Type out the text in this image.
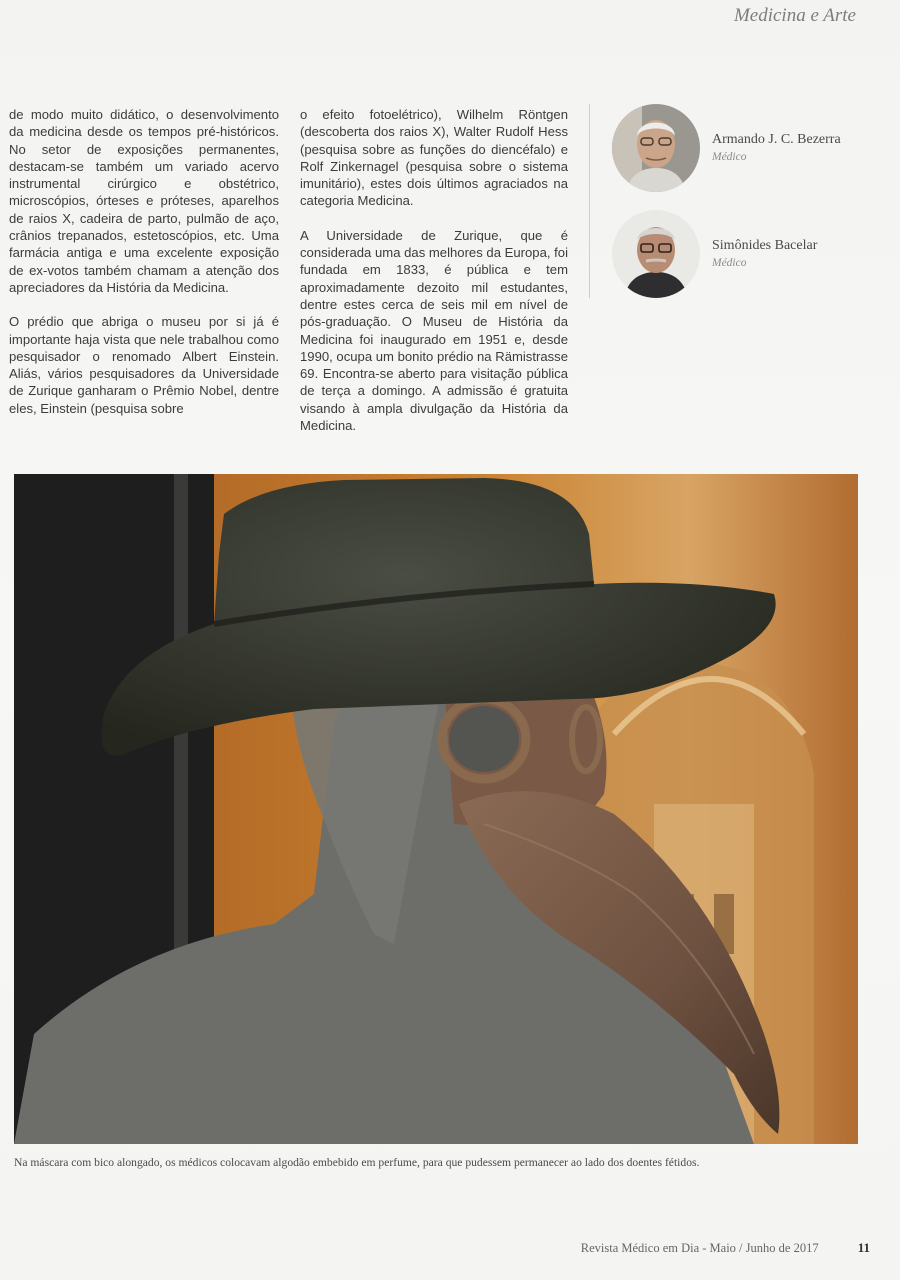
Medicina e Arte

de modo muito didático, o desenvolvimento da medicina desde os tempos pré-históricos. No setor de exposições permanentes, destacam-se também um variado acervo instrumental cirúrgico e obstétrico, microscópios, órteses e próteses, aparelhos de raios X, cadeira de parto, pulmão de aço, crânios trepanados, estetoscópios, etc. Uma farmácia antiga e uma excelente exposição de ex-votos também chamam a atenção dos apreciadores da História da Medicina.

O prédio que abriga o museu por si já é importante haja vista que nele trabalhou como pesquisador o renomado Albert Einstein. Aliás, vários pesquisadores da Universidade de Zurique ganharam o Prêmio Nobel, dentre eles, Einstein (pesquisa sobre

o efeito fotoelétrico), Wilhelm Röntgen (descoberta dos raios X), Walter Rudolf Hess (pesquisa sobre as funções do diencéfalo) e Rolf Zinkernagel (pesquisa sobre o sistema imunitário), estes dois últimos agraciados na categoria Medicina.

A Universidade de Zurique, que é considerada uma das melhores da Europa, foi fundada em 1833, é pública e tem aproximadamente dezoito mil estudantes, dentre estes cerca de seis mil em nível de pós-graduação. O Museu de História da Medicina foi inaugurado em 1951 e, desde 1990, ocupa um bonito prédio na Rämistrasse 69. Encontra-se aberto para visitação pública de terça a domingo. A admissão é gratuita visando à ampla divulgação da História da Medicina.

Armando J. C. Bezerra
Médico
Simônides Bacelar
Médico
Na máscara com bico alongado, os médicos colocavam algodão embebido em perfume, para que pudessem permanecer ao lado dos doentes fétidos.
Revista Médico em Dia - Maio / Junho de 2017	11
